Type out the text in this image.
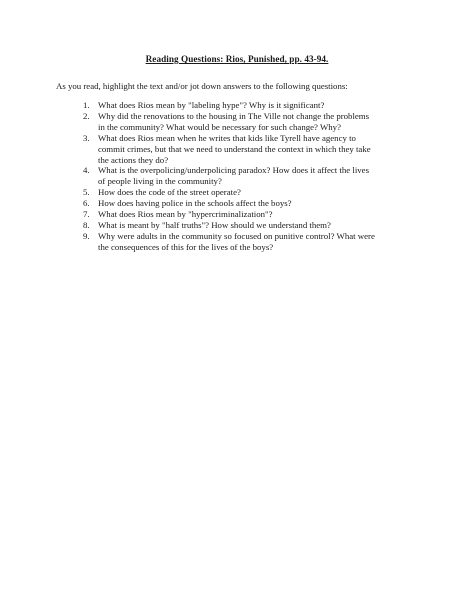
Reading Questions: Rios, Punished, pp. 43-94.
As you read, highlight the text and/or jot down answers to the following questions:
1. What does Rios mean by "labeling hype"? Why is it significant?
2. Why did the renovations to the housing in The Ville not change the problems in the community? What would be necessary for such change? Why?
3. What does Rios mean when he writes that kids like Tyrell have agency to commit crimes, but that we need to understand the context in which they take the actions they do?
4. What is the overpolicing/underpolicing paradox? How does it affect the lives of people living in the community?
5. How does the code of the street operate?
6. How does having police in the schools affect the boys?
7. What does Rios mean by "hypercriminalization"?
8. What is meant by "half truths"? How should we understand them?
9. Why were adults in the community so focused on punitive control? What were the consequences of this for the lives of the boys?
